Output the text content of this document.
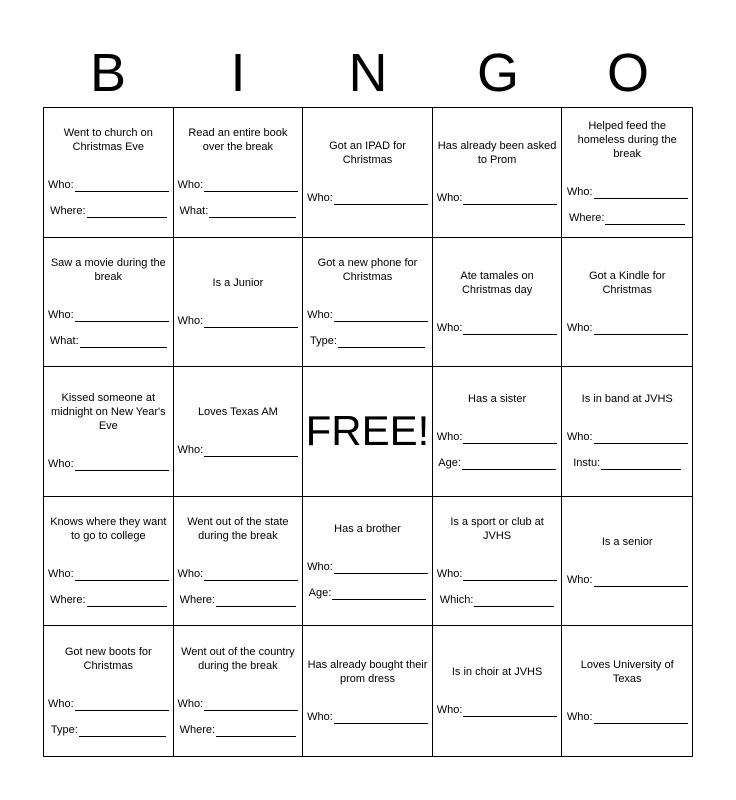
B	I	N	G	O
Went to church on Christmas Eve
Who:
Where:
Read an entire book over the break
Who:
What:
Got an IPAD for Christmas
Who:
Has already been asked to Prom
Who:
Helped feed the homeless during the break
Who:
Where:
Saw a movie during the break
Who:
What:
Is a Junior
Who:
Got a new phone for Christmas
Who:
Type:
Ate tamales on Christmas day
Who:
Got a Kindle for Christmas
Who:
Kissed someone at midnight on New Year's Eve
Who:
Loves Texas AM
Who: FREE!
Has a sister
Who:
Age:
Is in band at JVHS
Who:
Instu:
Knows where they want to go to college
Who:
Where:
Went out of the state during the break
Who:
Where:
Has a brother
Who:
Age:
Is a sport or club at JVHS
Who:
Which:
Is a senior
Who:
Got new boots for Christmas
Who:
Type:
Went out of the country during the break
Who:
Where:
Has already bought their prom dress
Who:
Is in choir at JVHS
Who:
Loves University of Texas
Who:
